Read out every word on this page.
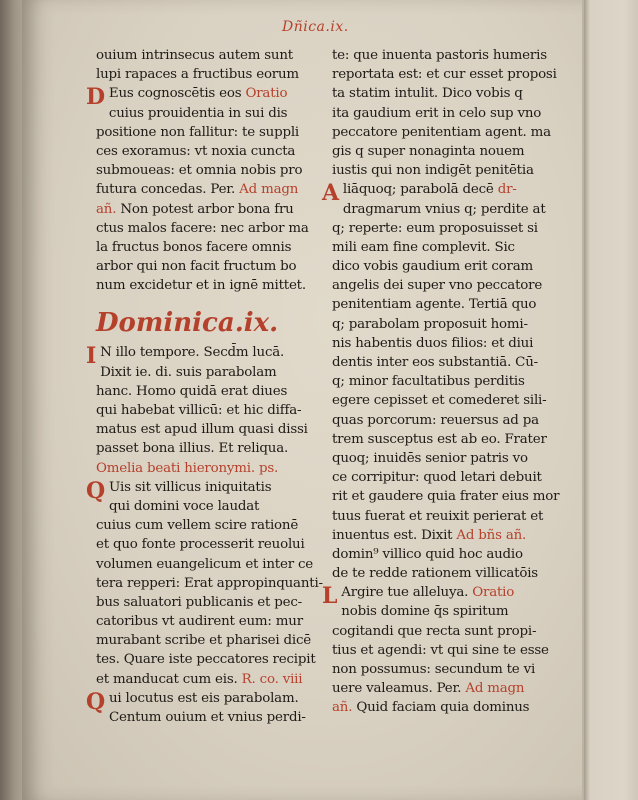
Dñica.ix.
ouium intrinsecus autem sunt
lupi rapaces a fructibus eorum
D Eus cognoscētis eos Oratio
cuius prouidentia in sui dis
positione non fallitur: te suppli
ces exoramus: vt noxia cuncta
submoueas: et omnia nobis pro
futura concedas. Per. Ad magn
añ. Non potest arbor bona fru
ctus malos facere: nec arbor ma
la fructus bonos facere omnis
arbor qui non facit fructum bo
num excidetur et in ignē mittet.
Dominica.ix.
I N illo tempore. Secd̄m lucā.
Dixit ie. di. suis parabolam
hanc. Homo quidā erat diues
qui habebat villicū: et hic diffa-
matus est apud illum quasi dissi
passet bona illius. Et reliqua.
Omelia beati hieronymi. ps.
Q Uis sit villicus iniquitatis
qui domini voce laudat
cuius cum vellem scire rationē
et quo fonte processerit reuolui
volumen euangelicum et inter ce
tera repperi: Erat appropinquanti-
bus saluatori publicanis et pec-
catoribus vt audirent eum: mur
murabant scribe et pharisei dicē
tes. Quare iste peccatores recipit
et manducat cum eis. R. co. viii
Qui locutus est eis parabolam.
Centum ouium et vnius perdi-
te: que inuenta pastoris humeris
reportata est: et cur esset proposi
ta statim intulit. Dico vobis q
ita gaudium erit in celo sup vno
peccatore penitentiam agent. ma
gis q super nonaginta nouem
iustis qui non indigēt penitētia
Aliāquoq; parabolā decē dr-
dragmarum vnius q; perdite at
q; reperte: eum proposuisset si
mili eam fine complevit. Sic
dico vobis gaudium erit coram
angelis dei super vno peccatore
penitentiam agente. Tertiā quo
q; parabolam proposuit homi-
nis habentis duos filios: et diui
dentis inter eos substantiā. Cū-
q; minor facultatibus perditis
egere cepisset et comederet sili-
quas porcorum: reuersus ad pa
trem susceptus est ab eo. Frater
quoq; inuidēs senior patris vo
ce corripitur: quod letari debuit
rit et gaudere quia frater eius mor
tuus fuerat et reuixit perierat et
inuentus est. Dixit Ad bñs añ.
domin⁹ villico quid hoc audio
de te redde rationem villicatōis
L Argire tue alleluya. Oratio
nobis domine q̄s spiritum
cogitandi que recta sunt propi-
tius et agendi: vt qui sine te esse
non possumus: secundum te vi
uere valeamus. Per. Ad magn
añ. Quid faciam quia dominus
